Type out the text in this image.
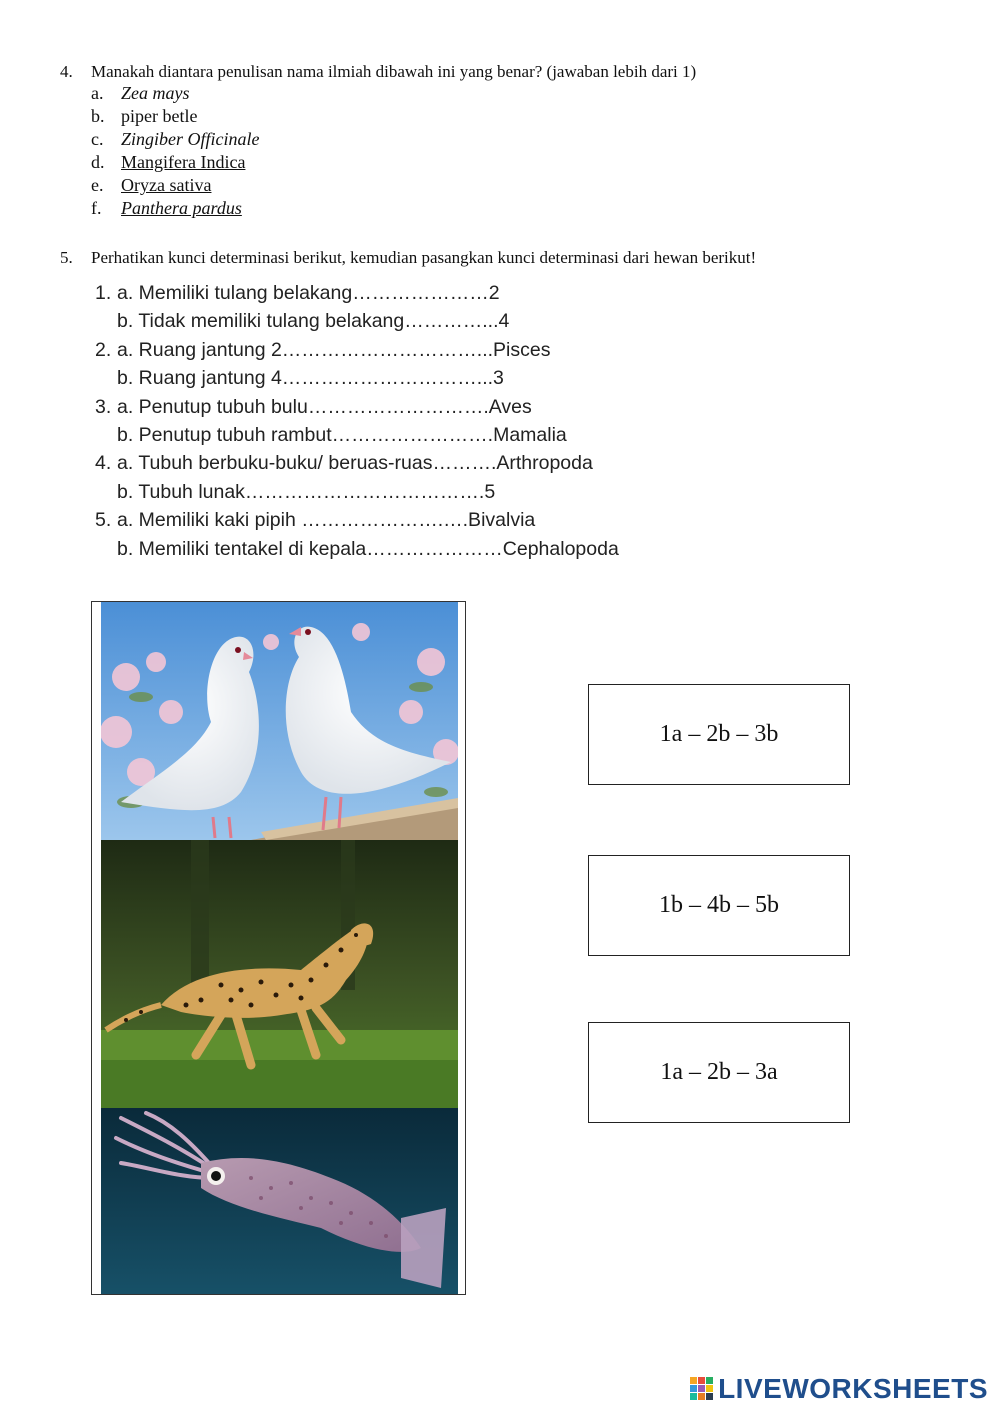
4. Manakah diantara penulisan nama ilmiah dibawah ini yang benar? (jawaban lebih dari 1)
a. Zea mays
b. piper betle
c. Zingiber Officinale
d. Mangifera Indica
e. Oryza sativa
f. Panthera pardus
5. Perhatikan kunci determinasi berikut, kemudian pasangkan kunci determinasi dari hewan berikut!
1. a. Memiliki tulang belakang…………………2
b. Tidak memiliki tulang belakang…………...4
2. a. Ruang jantung 2…………………………...Pisces
b. Ruang jantung 4…………………………...3
3. a. Penutup tubuh bulu……………………….Aves
b. Penutup tubuh rambut…………………….Mamalia
4. a. Tubuh berbuku-buku/ beruas-ruas……….Arthropoda
b. Tubuh lunak……………………………….5
5. a. Memiliki kaki pipih ………………….….Bivalvia
b. Memiliki tentakel di kepala…………………Cephalopoda
1a – 2b – 3b
1b – 4b – 5b
1a – 2b – 3a
LIVEWORKSHEETS
